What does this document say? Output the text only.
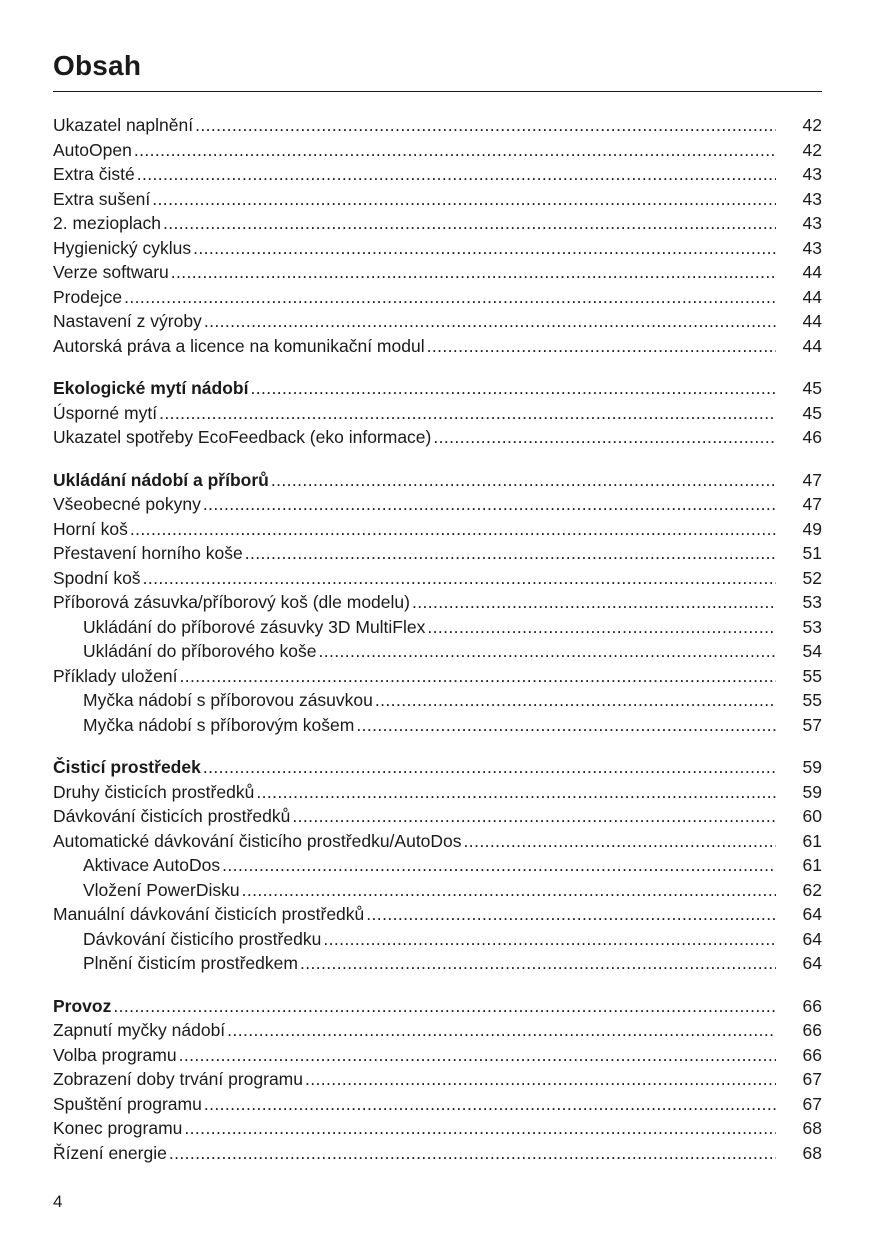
Obsah
Ukazatel naplnění .....	42
AutoOpen .....	42
Extra čisté .....	43
Extra sušení .....	43
2. mezioplach .....	43
Hygienický cyklus .....	43
Verze softwaru .....	44
Prodejce .....	44
Nastavení z výroby .....	44
Autorská práva a licence na komunikační modul .....	44
Ekologické mytí nádobí .....	45
Úsporné mytí .....	45
Ukazatel spotřeby EcoFeedback (eko informace) .....	46
Ukládání nádobí a příborů .....	47
Všeobecné pokyny .....	47
Horní koš .....	49
Přestavení horního koše .....	51
Spodní koš .....	52
Příborová zásuvka/příborový koš (dle modelu) .....	53
Ukládání do příborové zásuvky 3D MultiFlex .....	53
Ukládání do příborového koše .....	54
Příklady uložení .....	55
Myčka nádobí s příborovou zásuvkou .....	55
Myčka nádobí s příborovým košem .....	57
Čisticí prostředek .....	59
Druhy čisticích prostředků .....	59
Dávkování čisticích prostředků .....	60
Automatické dávkování čisticího prostředku/AutoDos .....	61
Aktivace AutoDos .....	61
Vložení PowerDisku .....	62
Manuální dávkování čisticích prostředků .....	64
Dávkování čisticího prostředku .....	64
Plnění čisticím prostředkem .....	64
Provoz .....	66
Zapnutí myčky nádobí .....	66
Volba programu .....	66
Zobrazení doby trvání programu .....	67
Spuštění programu .....	67
Konec programu .....	68
Řízení energie .....	68
4
